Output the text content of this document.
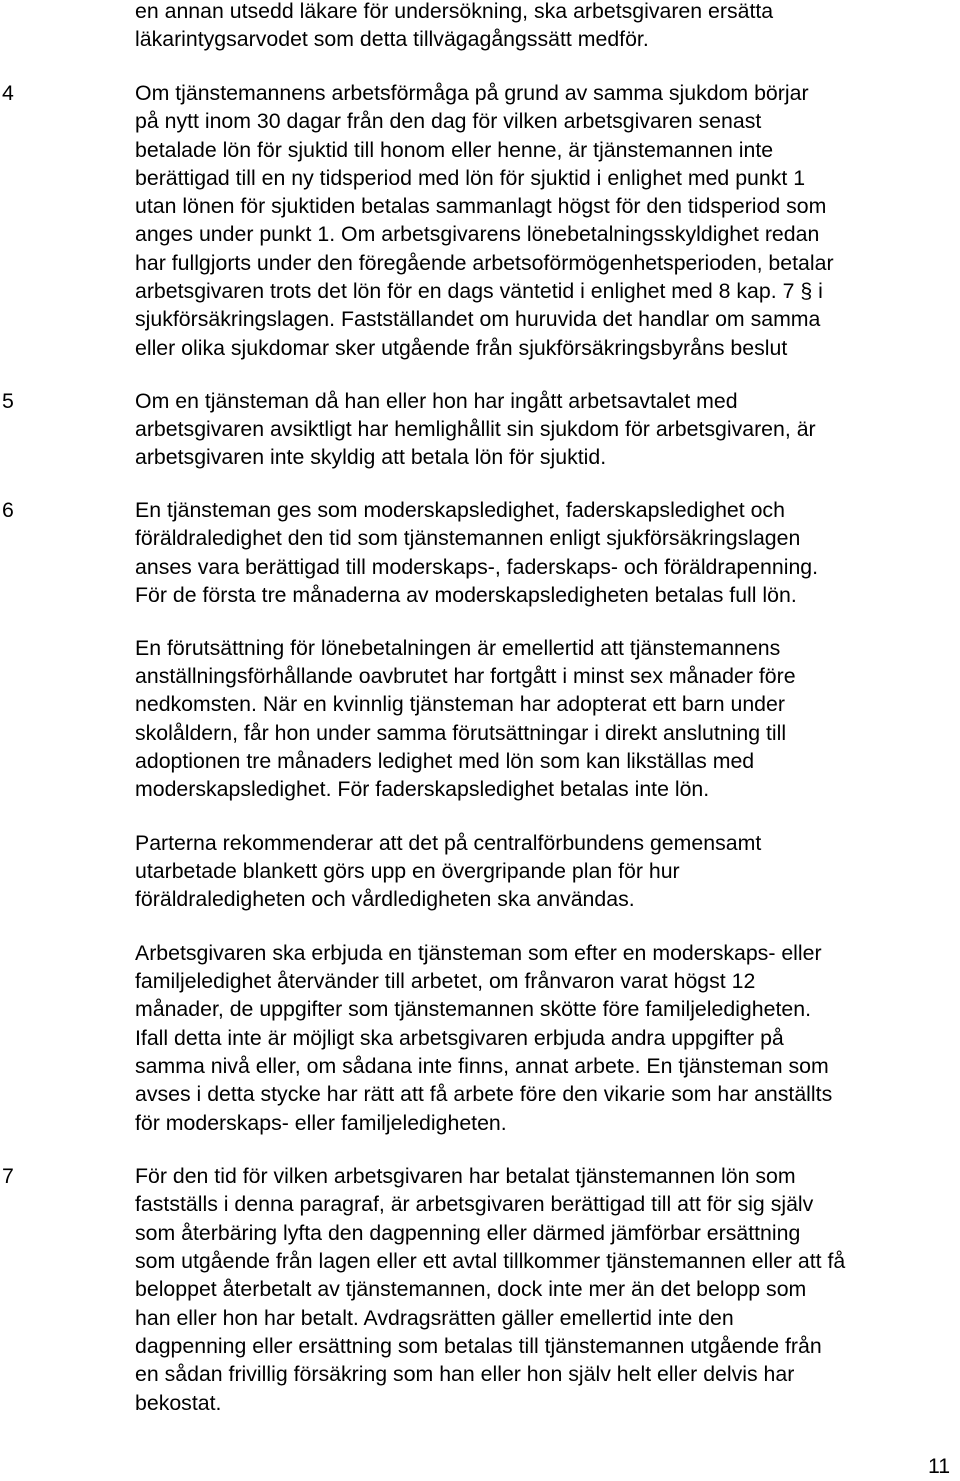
en annan utsedd läkare för undersökning, ska arbetsgivaren ersätta
läkarintygsarvodet som detta tillvägagångssätt medför.
4	Om tjänstemannens arbetsförmåga på grund av samma sjukdom börjar
på nytt inom 30 dagar från den dag för vilken arbetsgivaren senast
betalade lön för sjuktid till honom eller henne, är tjänstemannen inte
berättigad till en ny tidsperiod med lön för sjuktid i enlighet med punkt 1
utan lönen för sjuktiden betalas sammanlagt högst för den tidsperiod som
anges under punkt 1. Om arbetsgivarens lönebetalningsskyldighet redan
har fullgjorts under den föregående arbetsoförmögenhetsperioden, betalar
arbetsgivaren trots det lön för en dags väntetid i enlighet med 8 kap. 7 § i
sjukförsäkringslagen. Fastställandet om huruvida det handlar om samma
eller olika sjukdomar sker utgående från sjukförsäkringsbyråns beslut
5	Om en tjänsteman då han eller hon har ingått arbetsavtalet med
arbetsgivaren avsiktligt har hemlighållit sin sjukdom för arbetsgivaren, är
arbetsgivaren inte skyldig att betala lön för sjuktid.
6	En tjänsteman ges som moderskapsledighet, faderskapsledighet och
föräldraledighet den tid som tjänstemannen enligt sjukförsäkringslagen
anses vara berättigad till moderskaps-, faderskaps- och föräldrapenning.
För de första tre månaderna av moderskapsledigheten betalas full lön.
En förutsättning för lönebetalningen är emellertid att tjänstemannens
anställningsförhållande oavbrutet har fortgått i minst sex månader före
nedkomsten. När en kvinnlig tjänsteman har adopterat ett barn under
skolåldern, får hon under samma förutsättningar i direkt anslutning till
adoptionen tre månaders ledighet med lön som kan likställas med
moderskapsledighet. För faderskapsledighet betalas inte lön.
Parterna rekommenderar att det på centralförbundens gemensamt
utarbetade blankett görs upp en övergripande plan för hur
föräldraledigheten och vårdledigheten ska användas.
Arbetsgivaren ska erbjuda en tjänsteman som efter en moderskaps- eller
familjeledighet återvänder till arbetet, om frånvaron varat högst 12
månader, de uppgifter som tjänstemannen skötte före familjeledigheten.
Ifall detta inte är möjligt ska arbetsgivaren erbjuda andra uppgifter på
samma nivå eller, om sådana inte finns, annat arbete. En tjänsteman som
avses i detta stycke har rätt att få arbete före den vikarie som har anställts
för moderskaps- eller familjeledigheten.
7	För den tid för vilken arbetsgivaren har betalat tjänstemannen lön som
fastställs i denna paragraf, är arbetsgivaren berättigad till att för sig själv
som återbäring lyfta den dagpenning eller därmed jämförbar ersättning
som utgående från lagen eller ett avtal tillkommer tjänstemannen eller att få
beloppet återbetalt av tjänstemannen, dock inte mer än det belopp som
han eller hon har betalt. Avdragsrätten gäller emellertid inte den
dagpenning eller ersättning som betalas till tjänstemannen utgående från
en sådan frivillig försäkring som han eller hon själv helt eller delvis har
bekostat.
11
